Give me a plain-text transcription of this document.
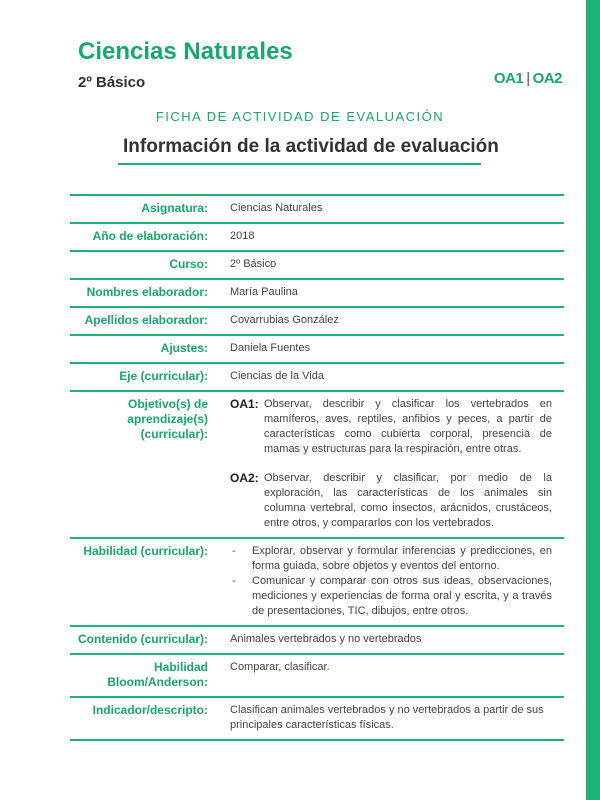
Ciencias Naturales
2º Básico	OA1 | OA2
FICHA DE ACTIVIDAD DE EVALUACIÓN
Información de la actividad de evaluación
Asignatura:	Ciencias Naturales
Año de elaboración:	2018
Curso:	2º Básico
Nombres elaborador:	María Paulina
Apellidos elaborador:	Covarrubias González
Ajustes:	Daniela Fuentes
Eje (curricular):	Ciencias de la Vida
Objetivo(s) de aprendizaje(s) (curricular):
OA1: Observar, describir y clasificar los vertebrados en mamíferos, aves, reptiles, anfibios y peces, a partir de características como cubierta corporal, presencia de mamas y estructuras para la respiración, entre otras.
OA2: Observar, describir y clasificar, por medio de la exploración, las características de los animales sin columna vertebral, como insectos, arácnidos, crustáceos, entre otros, y compararlos con los vertebrados.
Habilidad (curricular):	-	Explorar, observar y formular inferencias y predicciones, en forma guiada, sobre objetos y eventos del entorno.
-	Comunicar y comparar con otros sus ideas, observaciones, mediciones y experiencias de forma oral y escrita, y a través de presentaciones, TIC, dibujos, entre otros.
Contenido (curricular):	Animales vertebrados y no vertebrados
Habilidad Bloom/Anderson:
Comparar, clasificar.
Indicador/descripto:	Clasifican animales vertebrados y no vertebrados a partir de sus principales características físicas.
